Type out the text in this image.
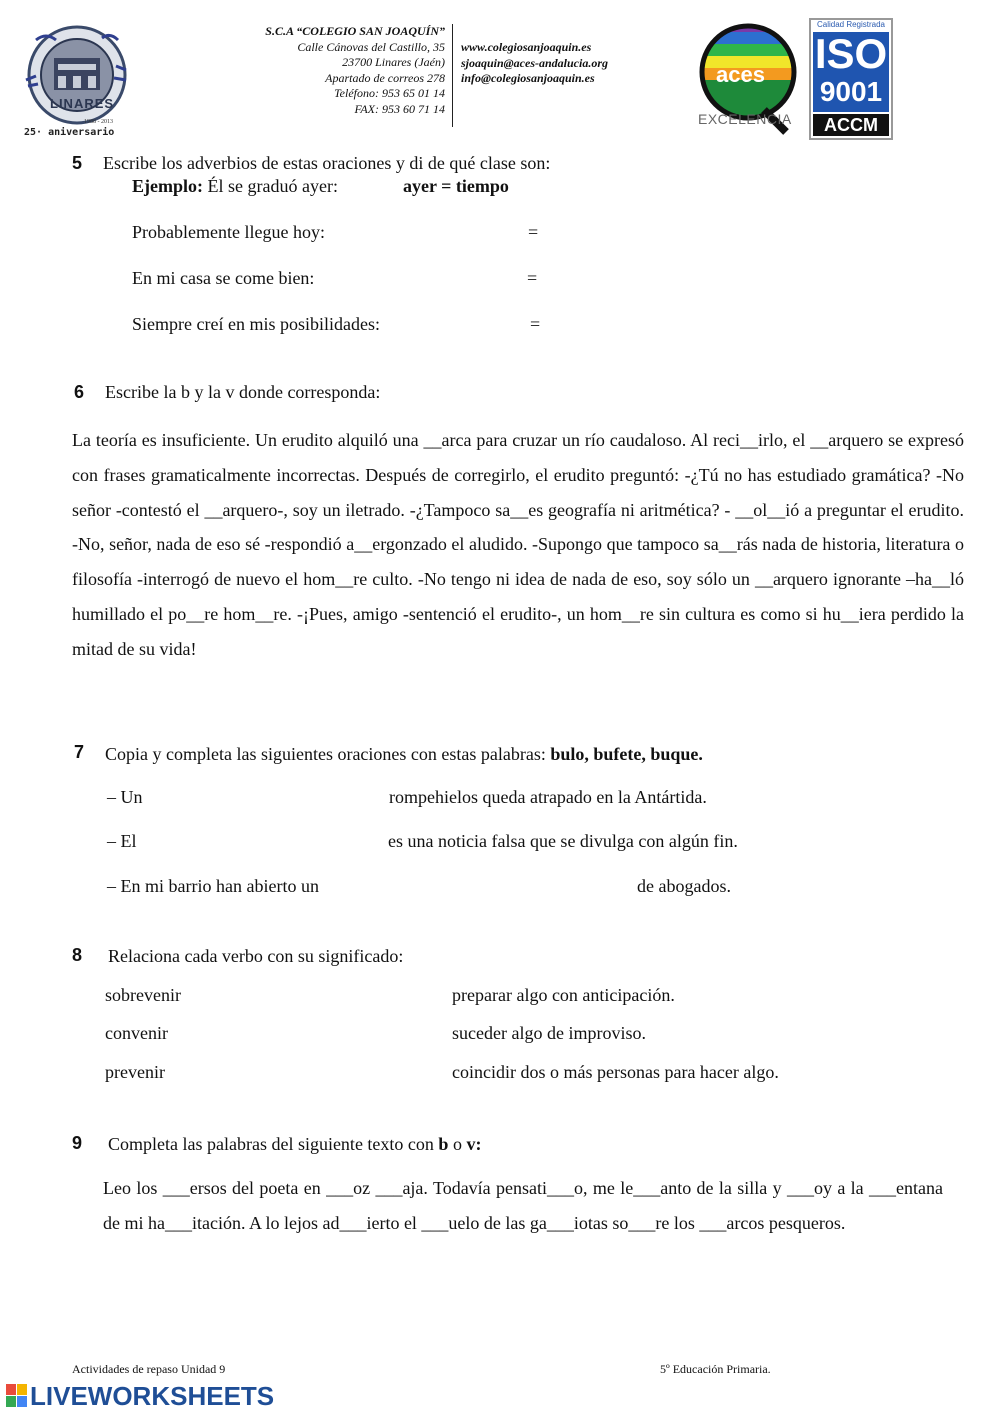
LINARES
1988 - 2013
25· aniversario
S.C.A “COLEGIO SAN JOAQUÍN”
Calle Cánovas del Castillo, 35
23700 Linares (Jaén)
Apartado de correos 278
Teléfono: 953 65 01 14
FAX: 953 60 71 14
www.colegiosanjoaquin.es
sjoaquin@aces-andalucia.org
info@colegiosanjoaquin.es	aces
EXCELENCIA
Calidad Registrada
ISO
9001
ACCM
5 Escribe los adverbios de estas oraciones y di de qué clase son:
Ejemplo: Él se graduó ayer:	ayer = tiempo
Probablemente llegue hoy:	=
En mi casa se come bien:	=
Siempre creí en mis posibilidades:	=
6 Escribe la b y la v donde corresponda:
La teoría es insuficiente. Un erudito alquiló una __arca para cruzar un río caudaloso. Al reci__irlo, el __arquero se expresó con frases gramaticalmente incorrectas. Después de corregirlo, el erudito preguntó: -¿Tú no has estudiado gramática? -No señor -contestó el __arquero-, soy un iletrado. -¿Tampoco sa__es geografía ni aritmética? - __ol__ió a preguntar el erudito. -No, señor, nada de eso sé -respondió a__ergonzado el aludido. -Supongo que tampoco sa__rás nada de historia, literatura o filosofía -interrogó de nuevo el hom__re culto. -No tengo ni idea de nada de eso, soy sólo un __arquero ignorante –ha__ló humillado el po__re hom__re. -¡Pues, amigo -sentenció el erudito-, un hom__re sin cultura es como si hu__iera perdido la mitad de su vida!
7 Copia y completa las siguientes oraciones con estas palabras: bulo, bufete, buque.
– Un	rompehielos queda atrapado en la Antártida.
– El	es una noticia falsa que se divulga con algún fin.
– En mi barrio han abierto un	de abogados.
8 Relaciona cada verbo con su significado:
sobrevenir	preparar algo con anticipación.
convenir	suceder algo de improviso.
prevenir	coincidir dos o más personas para hacer algo.
9 Completa las palabras del siguiente texto con b o v:
Leo los ___ersos del poeta en ___oz ___aja. Todavía pensati___o, me le___anto de la silla y ___oy a la ___entana de mi ha___itación. A lo lejos ad___ierto el ___uelo de las ga___iotas so___re los ___arcos pesqueros.
Actividades de repaso Unidad 9	5º Educación Primaria.
LIVEWORKSHEETS
